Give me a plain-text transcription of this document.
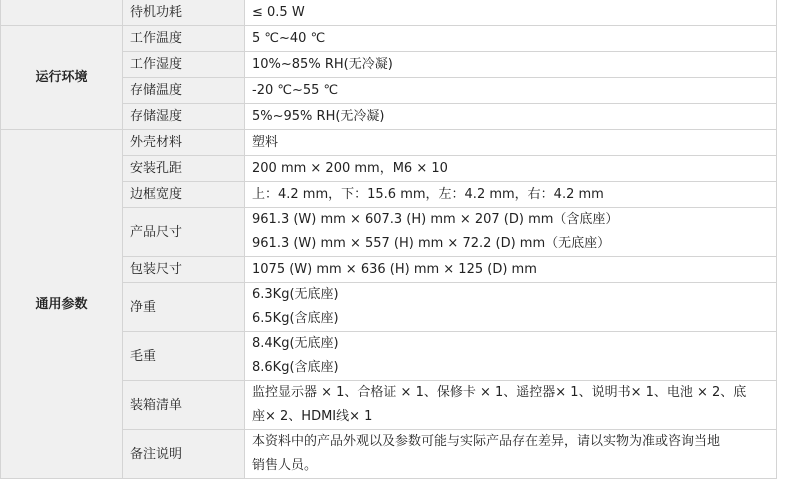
	待机功耗	≤ 0.5 W

运行环境	工作温度	5 ℃~40 ℃

	工作湿度	10%~85% RH(无冷凝)

	存储温度	-20 ℃~55 ℃

	存储湿度	5%~95% RH(无冷凝)

通用参数	外壳材料	塑料

	安装孔距	200 mm × 200 mm，M6 × 10

	边框宽度	上：4.2 mm，下：15.6 mm，左：4.2 mm，右：4.2 mm

	产品尺寸	961.3 (W) mm × 607.3 (H) mm × 207 (D) mm（含底座）
961.3 (W) mm × 557 (H) mm × 72.2 (D) mm（无底座）

	包装尺寸	1075 (W) mm × 636 (H) mm × 125 (D) mm

	净重	6.3Kg(无底座)
6.5Kg(含底座)

	毛重	8.4Kg(无底座)
8.6Kg(含底座)

	装箱清单	监控显示器 × 1、合格证 × 1、保修卡 × 1、遥控器× 1、说明书× 1、电池 × 2、底
座× 2、HDMI线× 1

	备注说明	本资料中的产品外观以及参数可能与实际产品存在差异，请以实物为准或咨询当地
销售人员。
